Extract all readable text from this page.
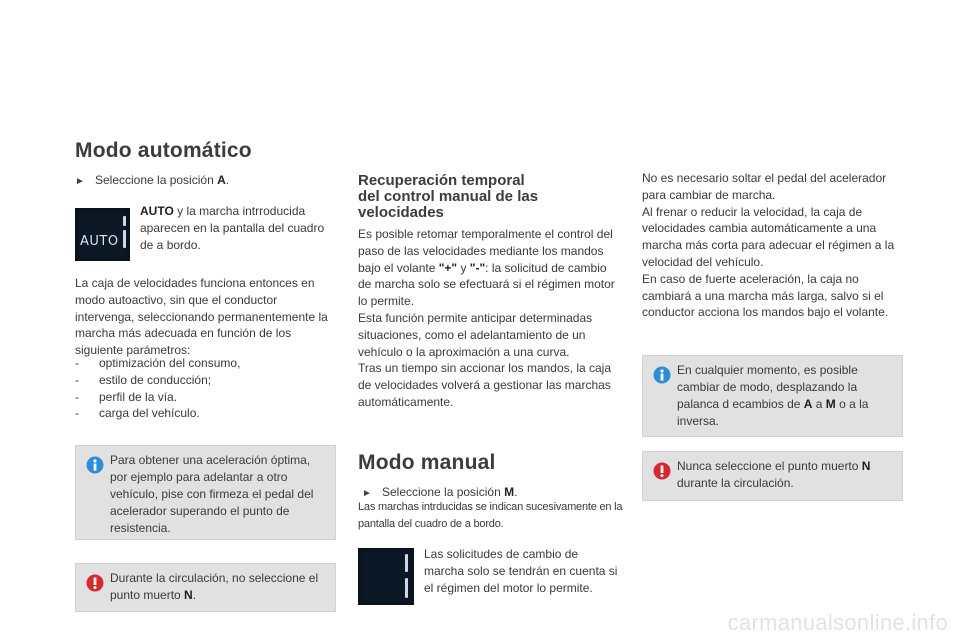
Modo automático
► Seleccione la posición A.
AUTO
AUTO y la marcha intrroducida aparecen en la pantalla del cuadro de a bordo.
La caja de velocidades funciona entonces en modo autoactivo, sin que el conductor intervenga, seleccionando permanentemente la marcha más adecuada en función de los siguiente parámetros:
-	optimización del consumo,
-	estilo de conducción;
-	perfil de la vía.
-	carga del vehículo.
Para obtener una aceleración óptima, por ejemplo para adelantar a otro vehículo, pise con firmeza el pedal del acelerador superando el punto de resistencia.
Durante la circulación, no seleccione el punto muerto N.
Recuperación temporal
del control manual de las
velocidades
Es posible retomar temporalmente el control del paso de las velocidades mediante los mandos bajo el volante "+" y "-": la solicitud de cambio de marcha solo se efectuará si el régimen motor lo permite.
Esta función permite anticipar determinadas situaciones, como el adelantamiento de un vehículo o la aproximación a una curva.
Tras un tiempo sin accionar los mandos, la caja de velocidades volverá a gestionar las marchas automáticamente.
Modo manual
► Seleccione la posición M.
Las marchas intrducidas se indican sucesivamente en la pantalla del cuadro de a bordo.
Las solicitudes de cambio de marcha solo se tendrán en cuenta si el régimen del motor lo permite.
No es necesario soltar el pedal del acelerador para cambiar de marcha.
Al frenar o reducir la velocidad, la caja de velocidades cambia automáticamente a una marcha más corta para adecuar el régimen a la velocidad del vehículo.
En caso de fuerte aceleración, la caja no cambiará a una marcha más larga, salvo si el conductor acciona los mandos bajo el volante.
En cualquier momento, es posible cambiar de modo, desplazando la palanca d ecambios de A a M o a la inversa.
Nunca seleccione el punto muerto N durante la circulación.
carmanualsonline.info
